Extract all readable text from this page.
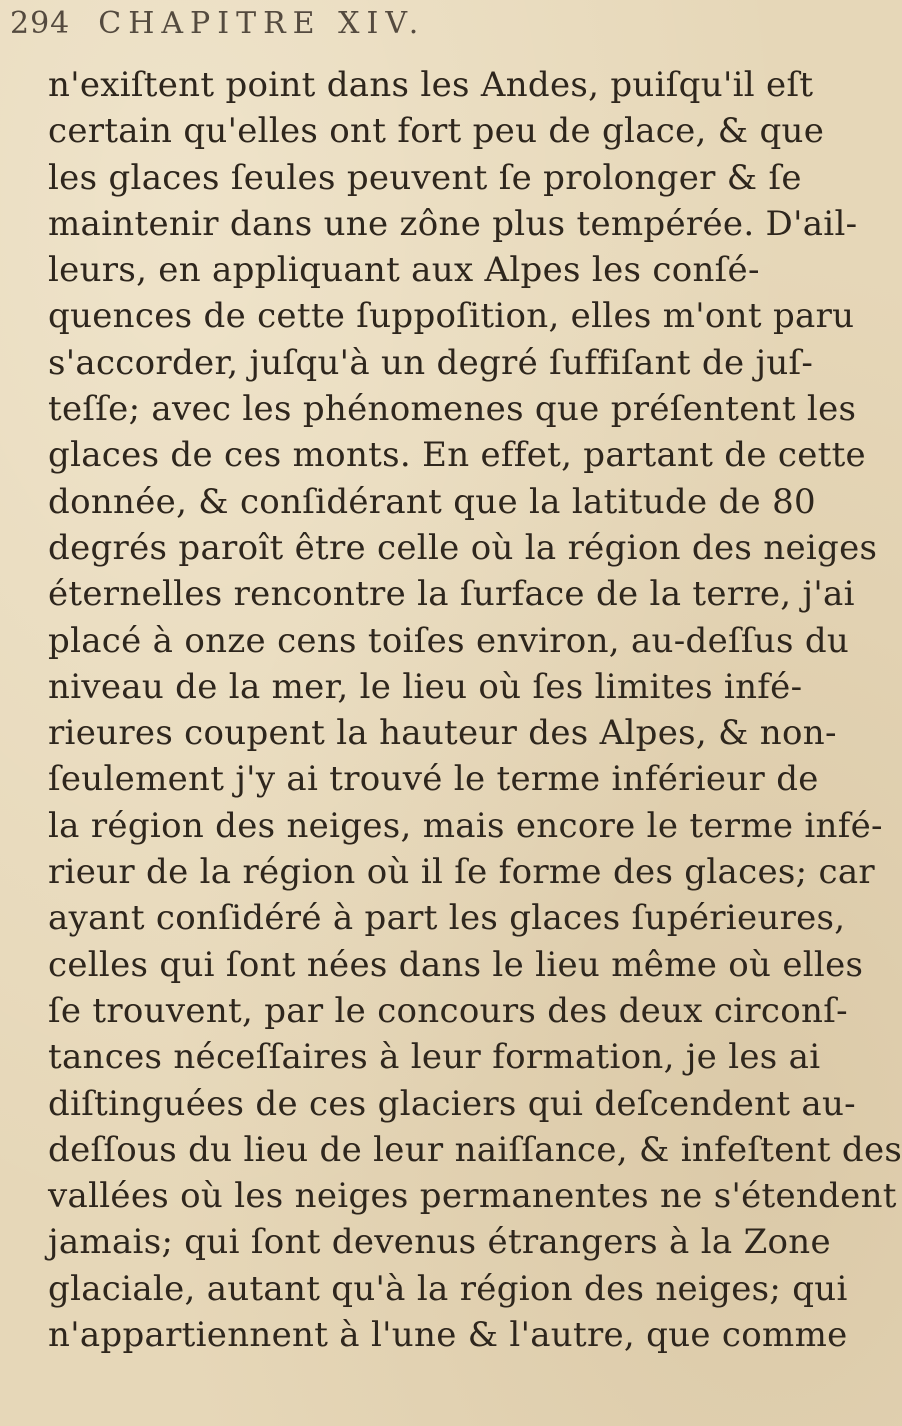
294 CHAPITRE XIV.
n'exiſtent point dans les Andes, puiſqu'il eſt
certain qu'elles ont fort peu de glace, & que
les glaces ſeules peuvent ſe prolonger & ſe
maintenir dans une zône plus tempérée. D'ail-
leurs, en appliquant aux Alpes les conſé-
quences de cette ſuppoſition, elles m'ont paru
s'accorder, juſqu'à un degré ſuffiſant de juſ-
teſſe; avec les phénomenes que préſentent les
glaces de ces monts. En effet, partant de cette
donnée, & conſidérant que la latitude de 80
degrés paroît être celle où la région des neiges
éternelles rencontre la ſurface de la terre, j'ai
placé à onze cens toiſes environ, au-deſſus du
niveau de la mer, le lieu où ſes limites infé-
rieures coupent la hauteur des Alpes, & non-
ſeulement j'y ai trouvé le terme inférieur de
la région des neiges, mais encore le terme infé-
rieur de la région où il ſe forme des glaces; car
ayant conſidéré à part les glaces ſupérieures,
celles qui ſont nées dans le lieu même où elles
ſe trouvent, par le concours des deux circonſ-
tances néceſſaires à leur formation, je les ai
diſtinguées de ces glaciers qui deſcendent au-
deſſous du lieu de leur naiſſance, & infeſtent des
vallées où les neiges permanentes ne s'étendent
jamais; qui ſont devenus étrangers à la Zone
glaciale, autant qu'à la région des neiges; qui
n'appartiennent à l'une & l'autre, que comme
